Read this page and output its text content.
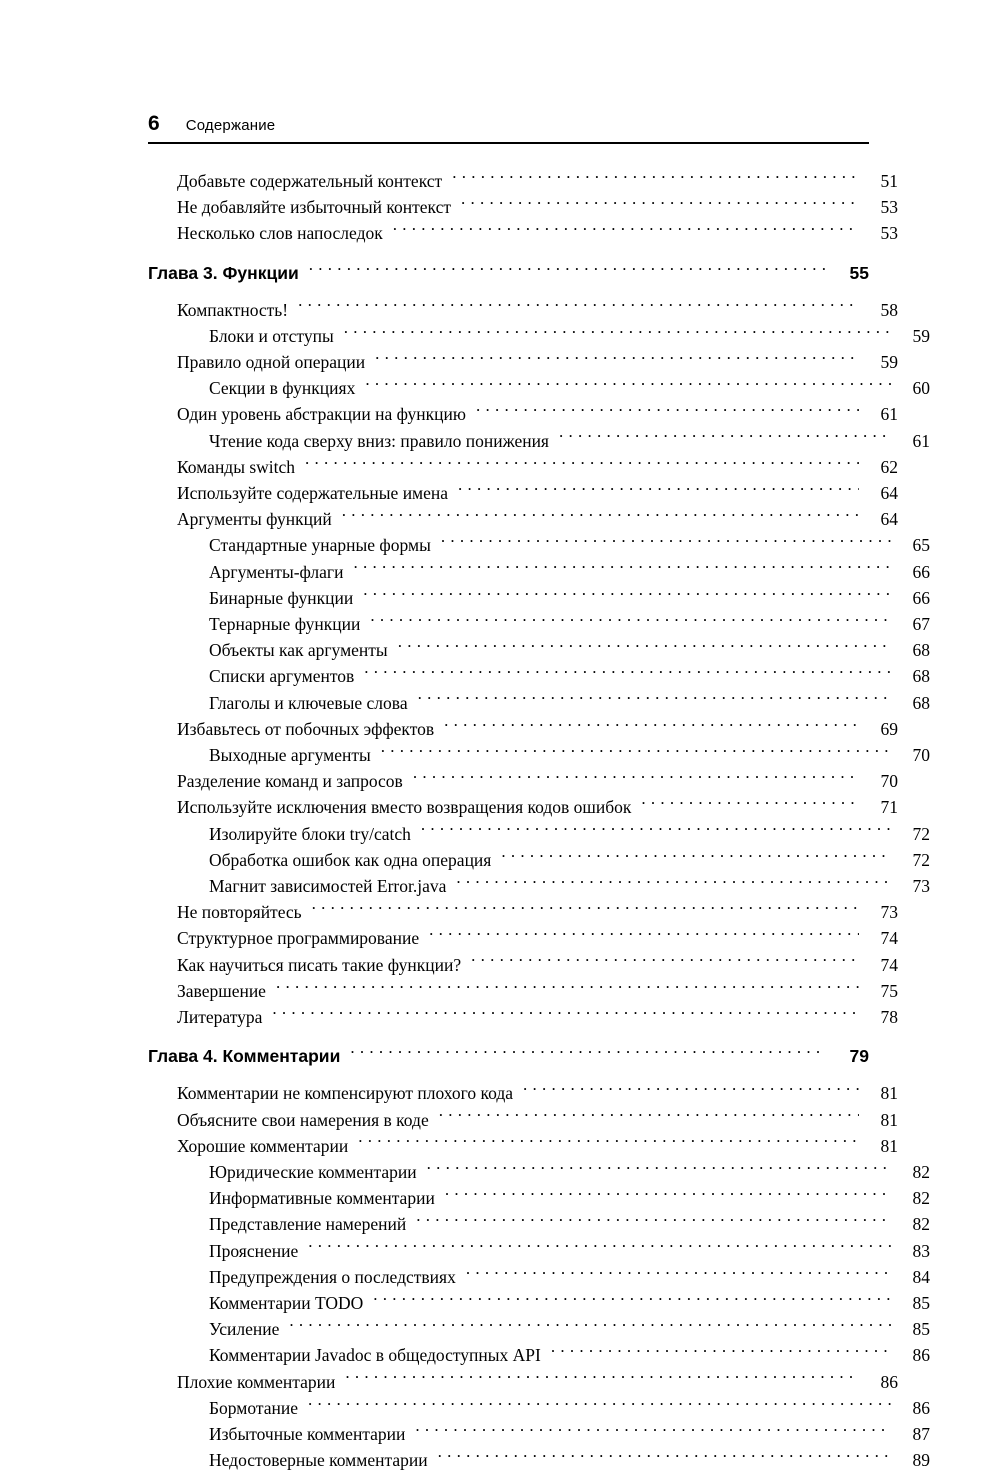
6 Содержание
Добавьте содержательный контекст . . .	51
Не добавляйте избыточный контекст . . .	53
Несколько слов напоследок . . .	53
Глава 3. Функции . . .	55
Компактность! . . .	58
Блоки и отступы . . .	59
Правило одной операции . . .	59
Секции в функциях . . .	60
Один уровень абстракции на функцию . . .	61
Чтение кода сверху вниз: правило понижения . . .	61
Команды switch . . .	62
Используйте содержательные имена . . .	64
Аргументы функций . . .	64
Стандартные унарные формы . . .	65
Аргументы-флаги . . .	66
Бинарные функции . . .	66
Тернарные функции . . .	67
Объекты как аргументы . . .	68
Списки аргументов . . .	68
Глаголы и ключевые слова . . .	68
Избавьтесь от побочных эффектов . . .	69
Выходные аргументы . . .	70
Разделение команд и запросов . . .	70
Используйте исключения вместо возвращения кодов ошибок . . .	71
Изолируйте блоки try/catch . . .	72
Обработка ошибок как одна операция . . .	72
Магнит зависимостей Error.java . . .	73
Не повторяйтесь . . .	73
Структурное программирование . . .	74
Как научиться писать такие функции? . . .	74
Завершение . . .	75
Литература . . .	78
Глава 4. Комментарии . . .	79
Комментарии не компенсируют плохого кода . . .	81
Объясните свои намерения в коде . . .	81
Хорошие комментарии . . .	81
Юридические комментарии . . .	82
Информативные комментарии . . .	82
Представление намерений . . .	82
Прояснение . . .	83
Предупреждения о последствиях . . .	84
Комментарии TODO . . .	85
Усиление . . .	85
Комментарии Javadoc в общедоступных API . . .	86
Плохие комментарии . . .	86
Бормотание . . .	86
Избыточные комментарии . . .	87
Недостоверные комментарии . . .	89
